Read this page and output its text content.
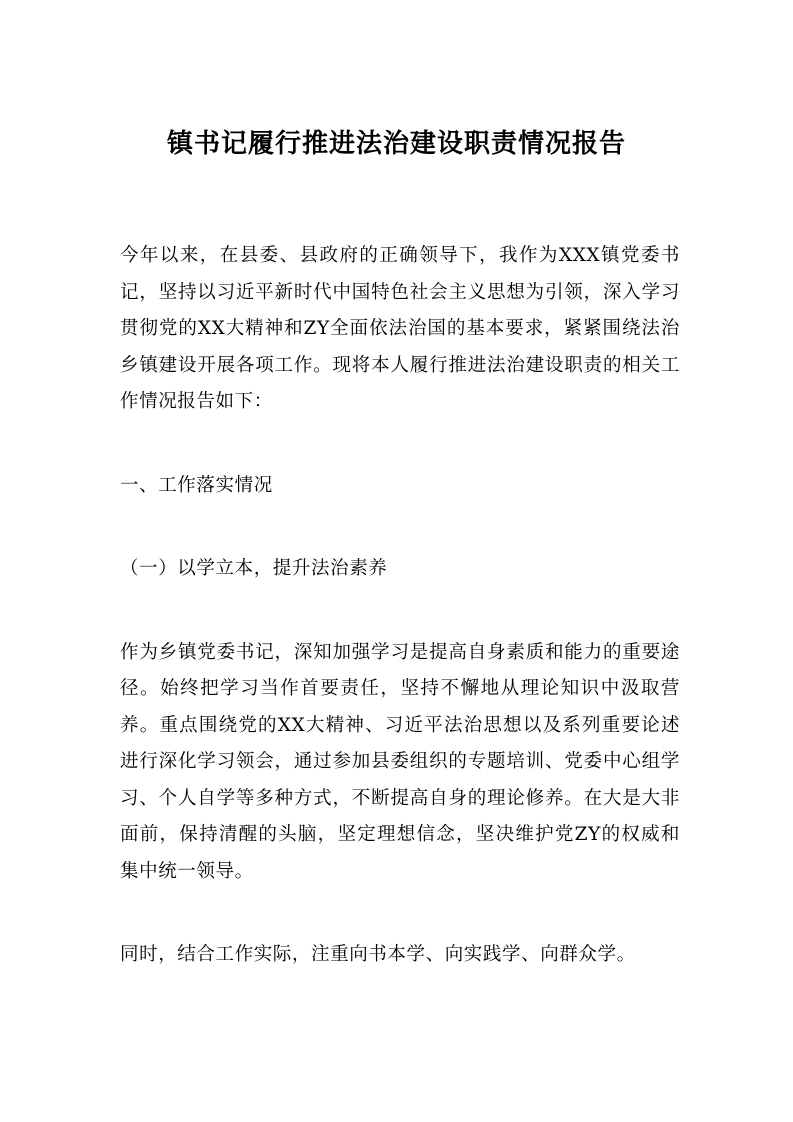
镇书记履行推进法治建设职责情况报告

今年以来，在县委、县政府的正确领导下，我作为XXX镇党委书记，坚持以习近平新时代中国特色社会主义思想为引领，深入学习贯彻党的XX大精神和ZY全面依法治国的基本要求，紧紧围绕法治乡镇建设开展各项工作。现将本人履行推进法治建设职责的相关工作情况报告如下：

一、工作落实情况

（一）以学立本，提升法治素养

作为乡镇党委书记，深知加强学习是提高自身素质和能力的重要途径。始终把学习当作首要责任，坚持不懈地从理论知识中汲取营养。重点围绕党的XX大精神、习近平法治思想以及系列重要论述进行深化学习领会，通过参加县委组织的专题培训、党委中心组学习、个人自学等多种方式，不断提高自身的理论修养。在大是大非面前，保持清醒的头脑，坚定理想信念，坚决维护党ZY的权威和集中统一领导。

同时，结合工作实际，注重向书本学、向实践学、向群众学。
